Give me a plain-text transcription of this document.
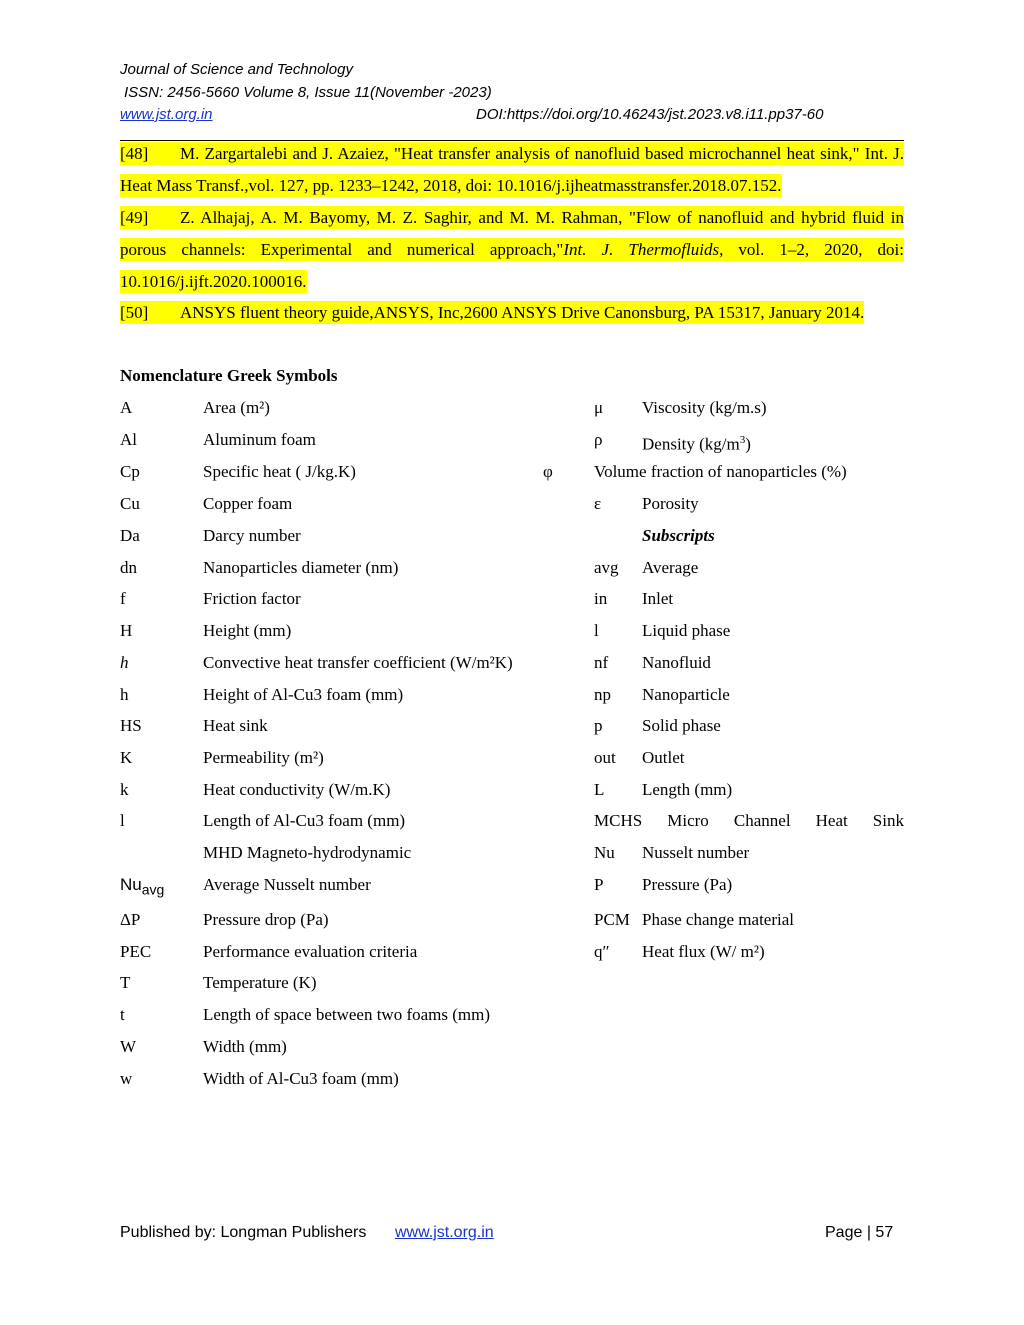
Journal of Science and Technology
ISSN: 2456-5660 Volume 8, Issue 11(November -2023)
www.jst.org.in	DOI:https://doi.org/10.46243/jst.2023.v8.i11.pp37-60
[48] M. Zargartalebi and J. Azaiez, "Heat transfer analysis of nanofluid based microchannel heat sink," Int. J. Heat Mass Transf.,vol. 127, pp. 1233–1242, 2018, doi: 10.1016/j.ijheatmasstransfer.2018.07.152.
[49] Z. Alhajaj, A. M. Bayomy, M. Z. Saghir, and M. M. Rahman, "Flow of nanofluid and hybrid fluid in porous channels: Experimental and numerical approach,"Int. J. Thermofluids, vol. 1–2, 2020, doi: 10.1016/j.ijft.2020.100016.
[50] ANSYS fluent theory guide,ANSYS, Inc,2600 ANSYS Drive Canonsburg, PA 15317, January 2014.
Nomenclature Greek Symbols
A	Area (m²)
Al	Aluminum foam
Cp	Specific heat ( J/kg.K)
Cu	Copper foam
Da	Darcy number
dn	Nanoparticles diameter (nm)
f	Friction factor
H	Height (mm)
h	Convective heat transfer coefficient (W/m²K)
h	Height of Al-Cu3 foam (mm)
HS	Heat sink
K	Permeability (m²)
k	Heat conductivity (W/m.K)
l	Length of Al-Cu3 foam (mm)
MHD Magneto-hydrodynamic
$Nu_{avg}$ Average Nusselt number
ΔP	Pressure drop (Pa)
PEC	Performance evaluation criteria
T	Temperature (K)
t	Length of space between two foams (mm)
W	Width (mm)
w	Width of Al-Cu3 foam (mm)
μ Viscosity (kg/m.s)
ρ Density $(kg/m^3)$
φ Volume fraction of nanoparticles (%)
ε Porosity
Subscripts
avg Average
in Inlet
l	Liquid phase
nf Nanofluid
np Nanoparticle
p Solid phase
out Outlet
L Length (mm)
MCHS Micro Channel Heat Sink
Nu Nusselt number
P Pressure (Pa)
PCM Phase change material
q″ Heat flux (W/ m²)
Published by: Longman Publishers www.jst.org.in	Page | 57
